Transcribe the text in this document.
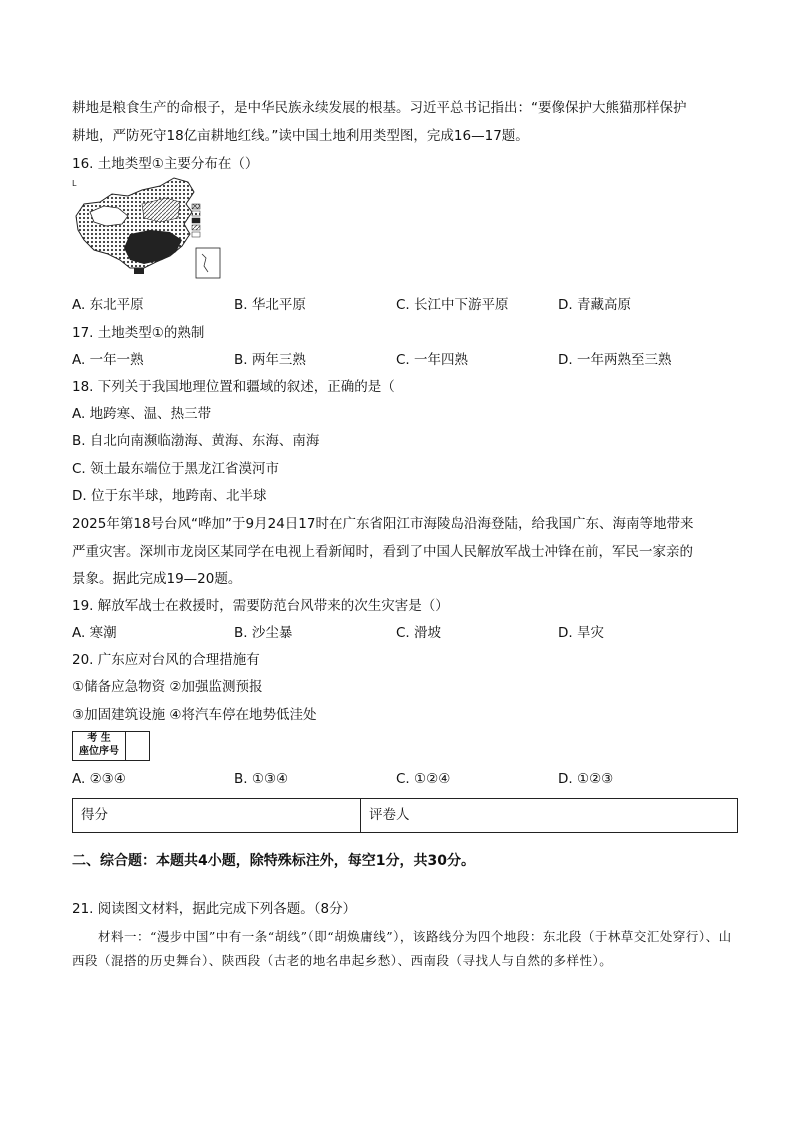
耕地是粮食生产的命根子，是中华民族永续发展的根基。习近平总书记指出：“要像保护大熊猫那样保护
耕地，严防死守18亿亩耕地红线。”读中国土地利用类型图，完成16—17题。
16. 土地类型①主要分布在（）
L
A. 东北平原	B. 华北平原	C. 长江中下游平原	D. 青藏高原
17. 土地类型①的熟制
A. 一年一熟	B. 两年三熟	C. 一年四熟	D. 一年两熟至三熟
18. 下列关于我国地理位置和疆域的叙述，正确的是（
A. 地跨寒、温、热三带
B. 自北向南濒临渤海、黄海、东海、南海
C. 领土最东端位于黑龙江省漠河市
D. 位于东半球，地跨南、北半球
2025年第18号台风“哗加”于9月24日17时在广东省阳江市海陵岛沿海登陆，给我国广东、海南等地带来
严重灾害。深圳市龙岗区某同学在电视上看新闻时，看到了中国人民解放军战士冲锋在前，军民一家亲的
景象。据此完成19—20题。
19. 解放军战士在救援时，需要防范台风带来的次生灾害是（）
A. 寒潮	B. 沙尘暴	C. 滑坡	D. 旱灾
20. 广东应对台风的合理措施有
①储备应急物资 ②加强监测预报
③加固建筑设施 ④将汽车停在地势低洼处
考 生
座位序号
A. ②③④	B. ①③④	C. ①②④	D. ①②③
得分	评卷人
二、综合题：本题共4小题，除特殊标注外，每空1分，共30分。
21. 阅读图文材料，据此完成下列各题。（8分）
材料一：“漫步中国”中有一条“胡线”（即“胡焕庸线”），该路线分为四个地段：东北段（于林草交汇处穿行）、山西段（混搭的历史舞台）、陕西段（古老的地名串起乡愁）、西南段（寻找人与自然的多样性）。
